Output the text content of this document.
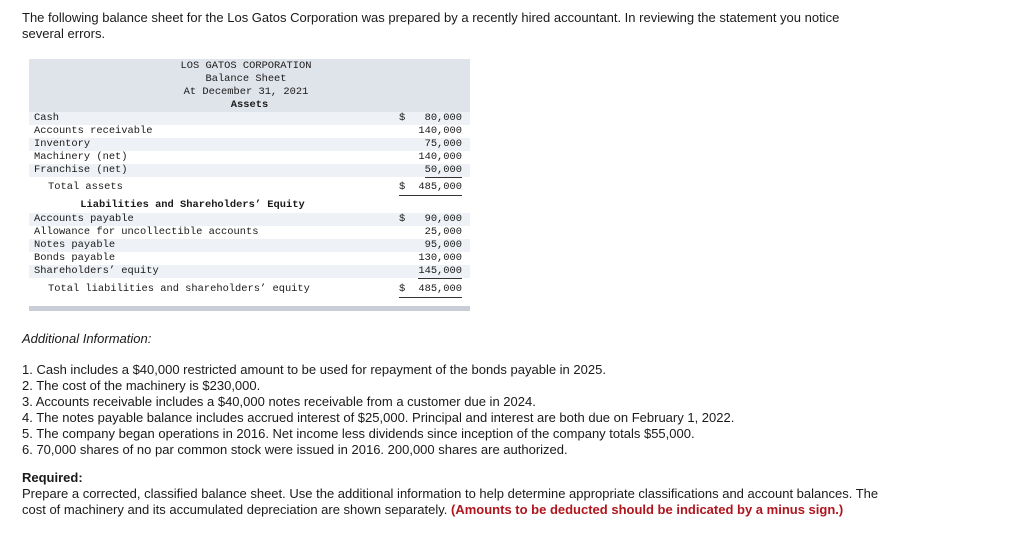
The following balance sheet for the Los Gatos Corporation was prepared by a recently hired accountant. In reviewing the statement you notice several errors.

LOS GATOS CORPORATION
Balance Sheet
At December 31, 2021
Assets
Cash	$ 80,000
Accounts receivable	140,000
Inventory	75,000
Machinery (net)	140,000
Franchise (net)	50,000
Total assets	$ 485,000
Liabilities and Shareholders’ Equity
Accounts payable	$ 90,000
Allowance for uncollectible accounts	25,000
Notes payable	95,000
Bonds payable	130,000
Shareholders’ equity	145,000
Total liabilities and shareholders’ equity	$ 485,000

Additional Information:

1. Cash includes a $40,000 restricted amount to be used for repayment of the bonds payable in 2025.
2. The cost of the machinery is $230,000.
3. Accounts receivable includes a $40,000 notes receivable from a customer due in 2024.
4. The notes payable balance includes accrued interest of $25,000. Principal and interest are both due on February 1, 2022.
5. The company began operations in 2016. Net income less dividends since inception of the company totals $55,000.
6. 70,000 shares of no par common stock were issued in 2016. 200,000 shares are authorized.

Required:

Prepare a corrected, classified balance sheet. Use the additional information to help determine appropriate classifications and account balances. The cost of machinery and its accumulated depreciation are shown separately. (Amounts to be deducted should be indicated by a minus sign.)
